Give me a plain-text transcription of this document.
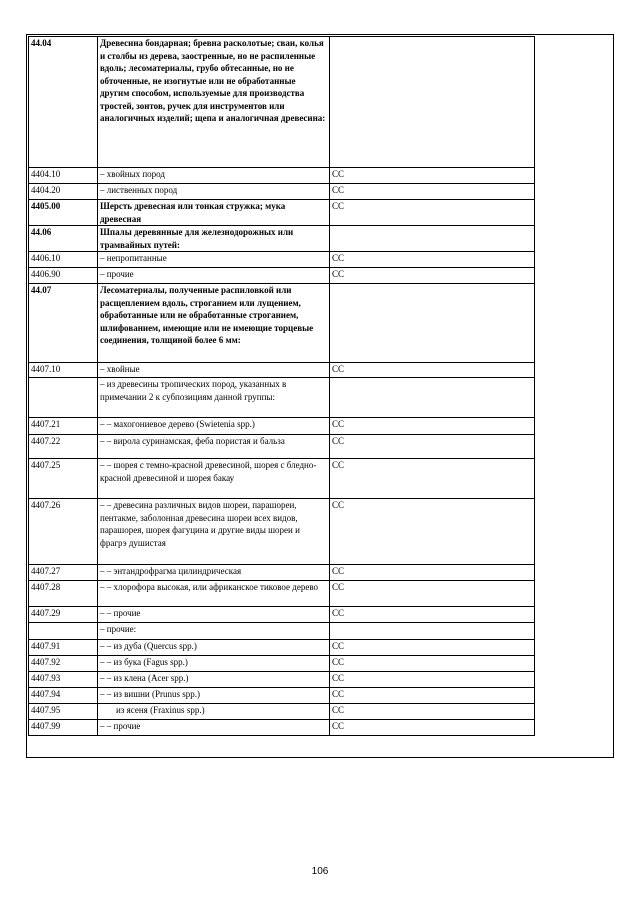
44.04	Древесина бондарная; бревна расколотые; сваи, колья и столбы из дерева, заостренные, но не распиленные вдоль; лесоматериалы, грубо обтесанные, но не обточенные, не изогнутые или не обработанные другим способом, используемые для производства тростей, зонтов, ручек для инструментов или аналогичных изделий; щепа и аналогичная древесина:	
4404.10	– хвойных пород	СС
4404.20	– лиственных пород	СС
4405.00	Шерсть древесная или тонкая стружка; мука древесная	СС
44.06	Шпалы деревянные для железнодорожных или трамвайных путей:	
4406.10	– непропитанные	СС
4406.90	– прочие	СС
44.07	Лесоматериалы, полученные распиловкой или расщеплением вдоль, строганием или лущением, обработанные или не обработанные строганием, шлифованием, имеющие или не имеющие торцевые соединения, толщиной более 6 мм:	
4407.10	– хвойные	СС
	– из древесины тропических пород, указанных в примечании 2 к субпозициям данной группы:	
4407.21	– – махогониевое дерево (Swietenia spp.)	СС
4407.22	– – вирола суринамская, феба пористая и бальза	СС
4407.25	– – шорея с темно-красной древесиной, шорея с бледно-красной древесиной и шорея бакау	СС
4407.26	– – древесина различных видов шореи, парашореи, пентакме, заболонная древесина шореи всех видов, парашорея, шорея фагуцина и другие виды шореи и фрагрэ душистая	СС
4407.27	– – энтандрофрагма цилиндрическая	СС
4407.28	– – хлорофора высокая, или африканское тиковое дерево	СС
4407.29	– – прочие	СС
	– прочие:	
4407.91	– – из дуба (Quercus spp.)	СС
4407.92	– – из бука (Fagus spp.)	СС
4407.93	– – из клена (Acer spp.)	СС
4407.94	– – из вишни (Prunus spp.)	СС
4407.95	из ясеня (Fraxinus spp.)	СС
4407.99	– – прочие	СС
106
